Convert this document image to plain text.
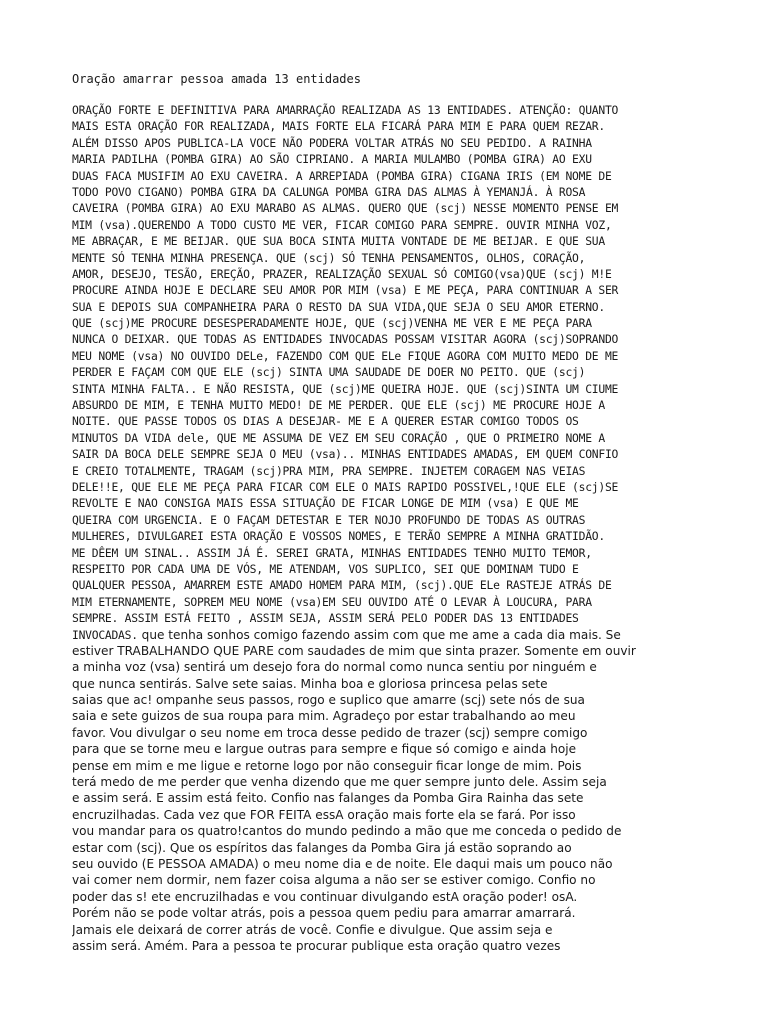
Oração amarrar pessoa amada 13 entidades
ORAÇÃO FORTE E DEFINITIVA PARA AMARRAÇÃO REALIZADA AS 13 ENTIDADES. ATENÇÃO: QUANTO
MAIS ESTA ORAÇÃO FOR REALIZADA, MAIS FORTE ELA FICARÁ PARA MIM E PARA QUEM REZAR.
ALÉM DISSO APOS PUBLICA-LA VOCE NÃO PODERA VOLTAR ATRÁS NO SEU PEDIDO. A RAINHA
MARIA PADILHA (POMBA GIRA) AO SÃO CIPRIANO. A MARIA MULAMBO (POMBA GIRA) AO EXU
DUAS FACA MUSIFIM AO EXU CAVEIRA. A ARREPIADA (POMBA GIRA) CIGANA IRIS (EM NOME DE
TODO POVO CIGANO) POMBA GIRA DA CALUNGA POMBA GIRA DAS ALMAS À YEMANJÁ. À ROSA
CAVEIRA (POMBA GIRA) AO EXU MARABO AS ALMAS. QUERO QUE (scj) NESSE MOMENTO PENSE EM
MIM (vsa).QUERENDO A TODO CUSTO ME VER, FICAR COMIGO PARA SEMPRE. OUVIR MINHA VOZ,
ME ABRAÇAR, E ME BEIJAR. QUE SUA BOCA SINTA MUITA VONTADE DE ME BEIJAR. E QUE SUA
MENTE SÓ TENHA MINHA PRESENÇA. QUE (scj) SÓ TENHA PENSAMENTOS, OLHOS, CORAÇÃO,
AMOR, DESEJO, TESÃO, EREÇÃO, PRAZER, REALIZAÇÃO SEXUAL SÓ COMIGO(vsa)QUE (scj) M!E
PROCURE AINDA HOJE E DECLARE SEU AMOR POR MIM (vsa) E ME PEÇA, PARA CONTINUAR A SER
SUA E DEPOIS SUA COMPANHEIRA PARA O RESTO DA SUA VIDA,QUE SEJA O SEU AMOR ETERNO.
QUE (scj)ME PROCURE DESESPERADAMENTE HOJE, QUE (scj)VENHA ME VER E ME PEÇA PARA
NUNCA O DEIXAR. QUE TODAS AS ENTIDADES INVOCADAS POSSAM VISITAR AGORA (scj)SOPRANDO
MEU NOME (vsa) NO OUVIDO DELe, FAZENDO COM QUE ELe FIQUE AGORA COM MUITO MEDO DE ME
PERDER E FAÇAM COM QUE ELE (scj) SINTA UMA SAUDADE DE DOER NO PEITO. QUE (scj)
SINTA MINHA FALTA.. E NÃO RESISTA, QUE (scj)ME QUEIRA HOJE. QUE (scj)SINTA UM CIUME
ABSURDO DE MIM, E TENHA MUITO MEDO! DE ME PERDER. QUE ELE (scj) ME PROCURE HOJE A
NOITE. QUE PASSE TODOS OS DIAS A DESEJAR- ME E A QUERER ESTAR COMIGO TODOS OS
MINUTOS DA VIDA dele, QUE ME ASSUMA DE VEZ EM SEU CORAÇÃO , QUE O PRIMEIRO NOME A
SAIR DA BOCA DELE SEMPRE SEJA O MEU (vsa).. MINHAS ENTIDADES AMADAS, EM QUEM CONFIO
E CREIO TOTALMENTE, TRAGAM (scj)PRA MIM, PRA SEMPRE. INJETEM CORAGEM NAS VEIAS
DELE!!E, QUE ELE ME PEÇA PARA FICAR COM ELE O MAIS RAPIDO POSSIVEL,!QUE ELE (scj)SE
REVOLTE E NAO CONSIGA MAIS ESSA SITUAÇÃO DE FICAR LONGE DE MIM (vsa) E QUE ME
QUEIRA COM URGENCIA. E O FAÇAM DETESTAR E TER NOJO PROFUNDO DE TODAS AS OUTRAS
MULHERES, DIVULGAREI ESTA ORAÇÃO E VOSSOS NOMES, E TERÃO SEMPRE A MINHA GRATIDÃO.
ME DÊEM UM SINAL.. ASSIM JÁ É. SEREI GRATA, MINHAS ENTIDADES TENHO MUITO TEMOR,
RESPEITO POR CADA UMA DE VÓS, ME ATENDAM, VOS SUPLICO, SEI QUE DOMINAM TUDO E
QUALQUER PESSOA, AMARREM ESTE AMADO HOMEM PARA MIM, (scj).QUE ELe RASTEJE ATRÁS DE
MIM ETERNAMENTE, SOPREM MEU NOME (vsa)EM SEU OUVIDO ATÉ O LEVAR À LOUCURA, PARA
SEMPRE. ASSIM ESTÁ FEITO , ASSIM SEJA, ASSIM SERÁ PELO PODER DAS 13 ENTIDADES
INVOCADAS. que tenha sonhos comigo fazendo assim com que me ame a cada dia mais. Se
estiver TRABALHANDO QUE PARE com saudades de mim que sinta prazer. Somente em ouvir
a minha voz (vsa) sentirá um desejo fora do normal como nunca sentiu por ninguém e
que nunca sentirás. Salve sete saias. Minha boa e gloriosa princesa pelas sete
saias que ac! ompanhe seus passos, rogo e suplico que amarre (scj) sete nós de sua
saia e sete guizos de sua roupa para mim. Agradeço por estar trabalhando ao meu
favor. Vou divulgar o seu nome em troca desse pedido de trazer (scj) sempre comigo
para que se torne meu e largue outras para sempre e fique só comigo e ainda hoje
pense em mim e me ligue e retorne logo por não conseguir ficar longe de mim. Pois
terá medo de me perder que venha dizendo que me quer sempre junto dele. Assim seja
e assim será. E assim está feito. Confio nas falanges da Pomba Gira Rainha das sete
encruzilhadas. Cada vez que FOR FEITA essA oração mais forte ela se fará. Por isso
vou mandar para os quatro!cantos do mundo pedindo a mão que me conceda o pedido de
estar com (scj). Que os espíritos das falanges da Pomba Gira já estão soprando ao
seu ouvido (E PESSOA AMADA) o meu nome dia e de noite. Ele daqui mais um pouco não
vai comer nem dormir, nem fazer coisa alguma a não ser se estiver comigo. Confio no
poder das s! ete encruzilhadas e vou continuar divulgando estA oração poder! osA.
Porém não se pode voltar atrás, pois a pessoa quem pediu para amarrar amarrará.
Jamais ele deixará de correr atrás de você. Confie e divulgue. Que assim seja e
assim será. Amém. Para a pessoa te procurar publique esta oração quatro vezes
